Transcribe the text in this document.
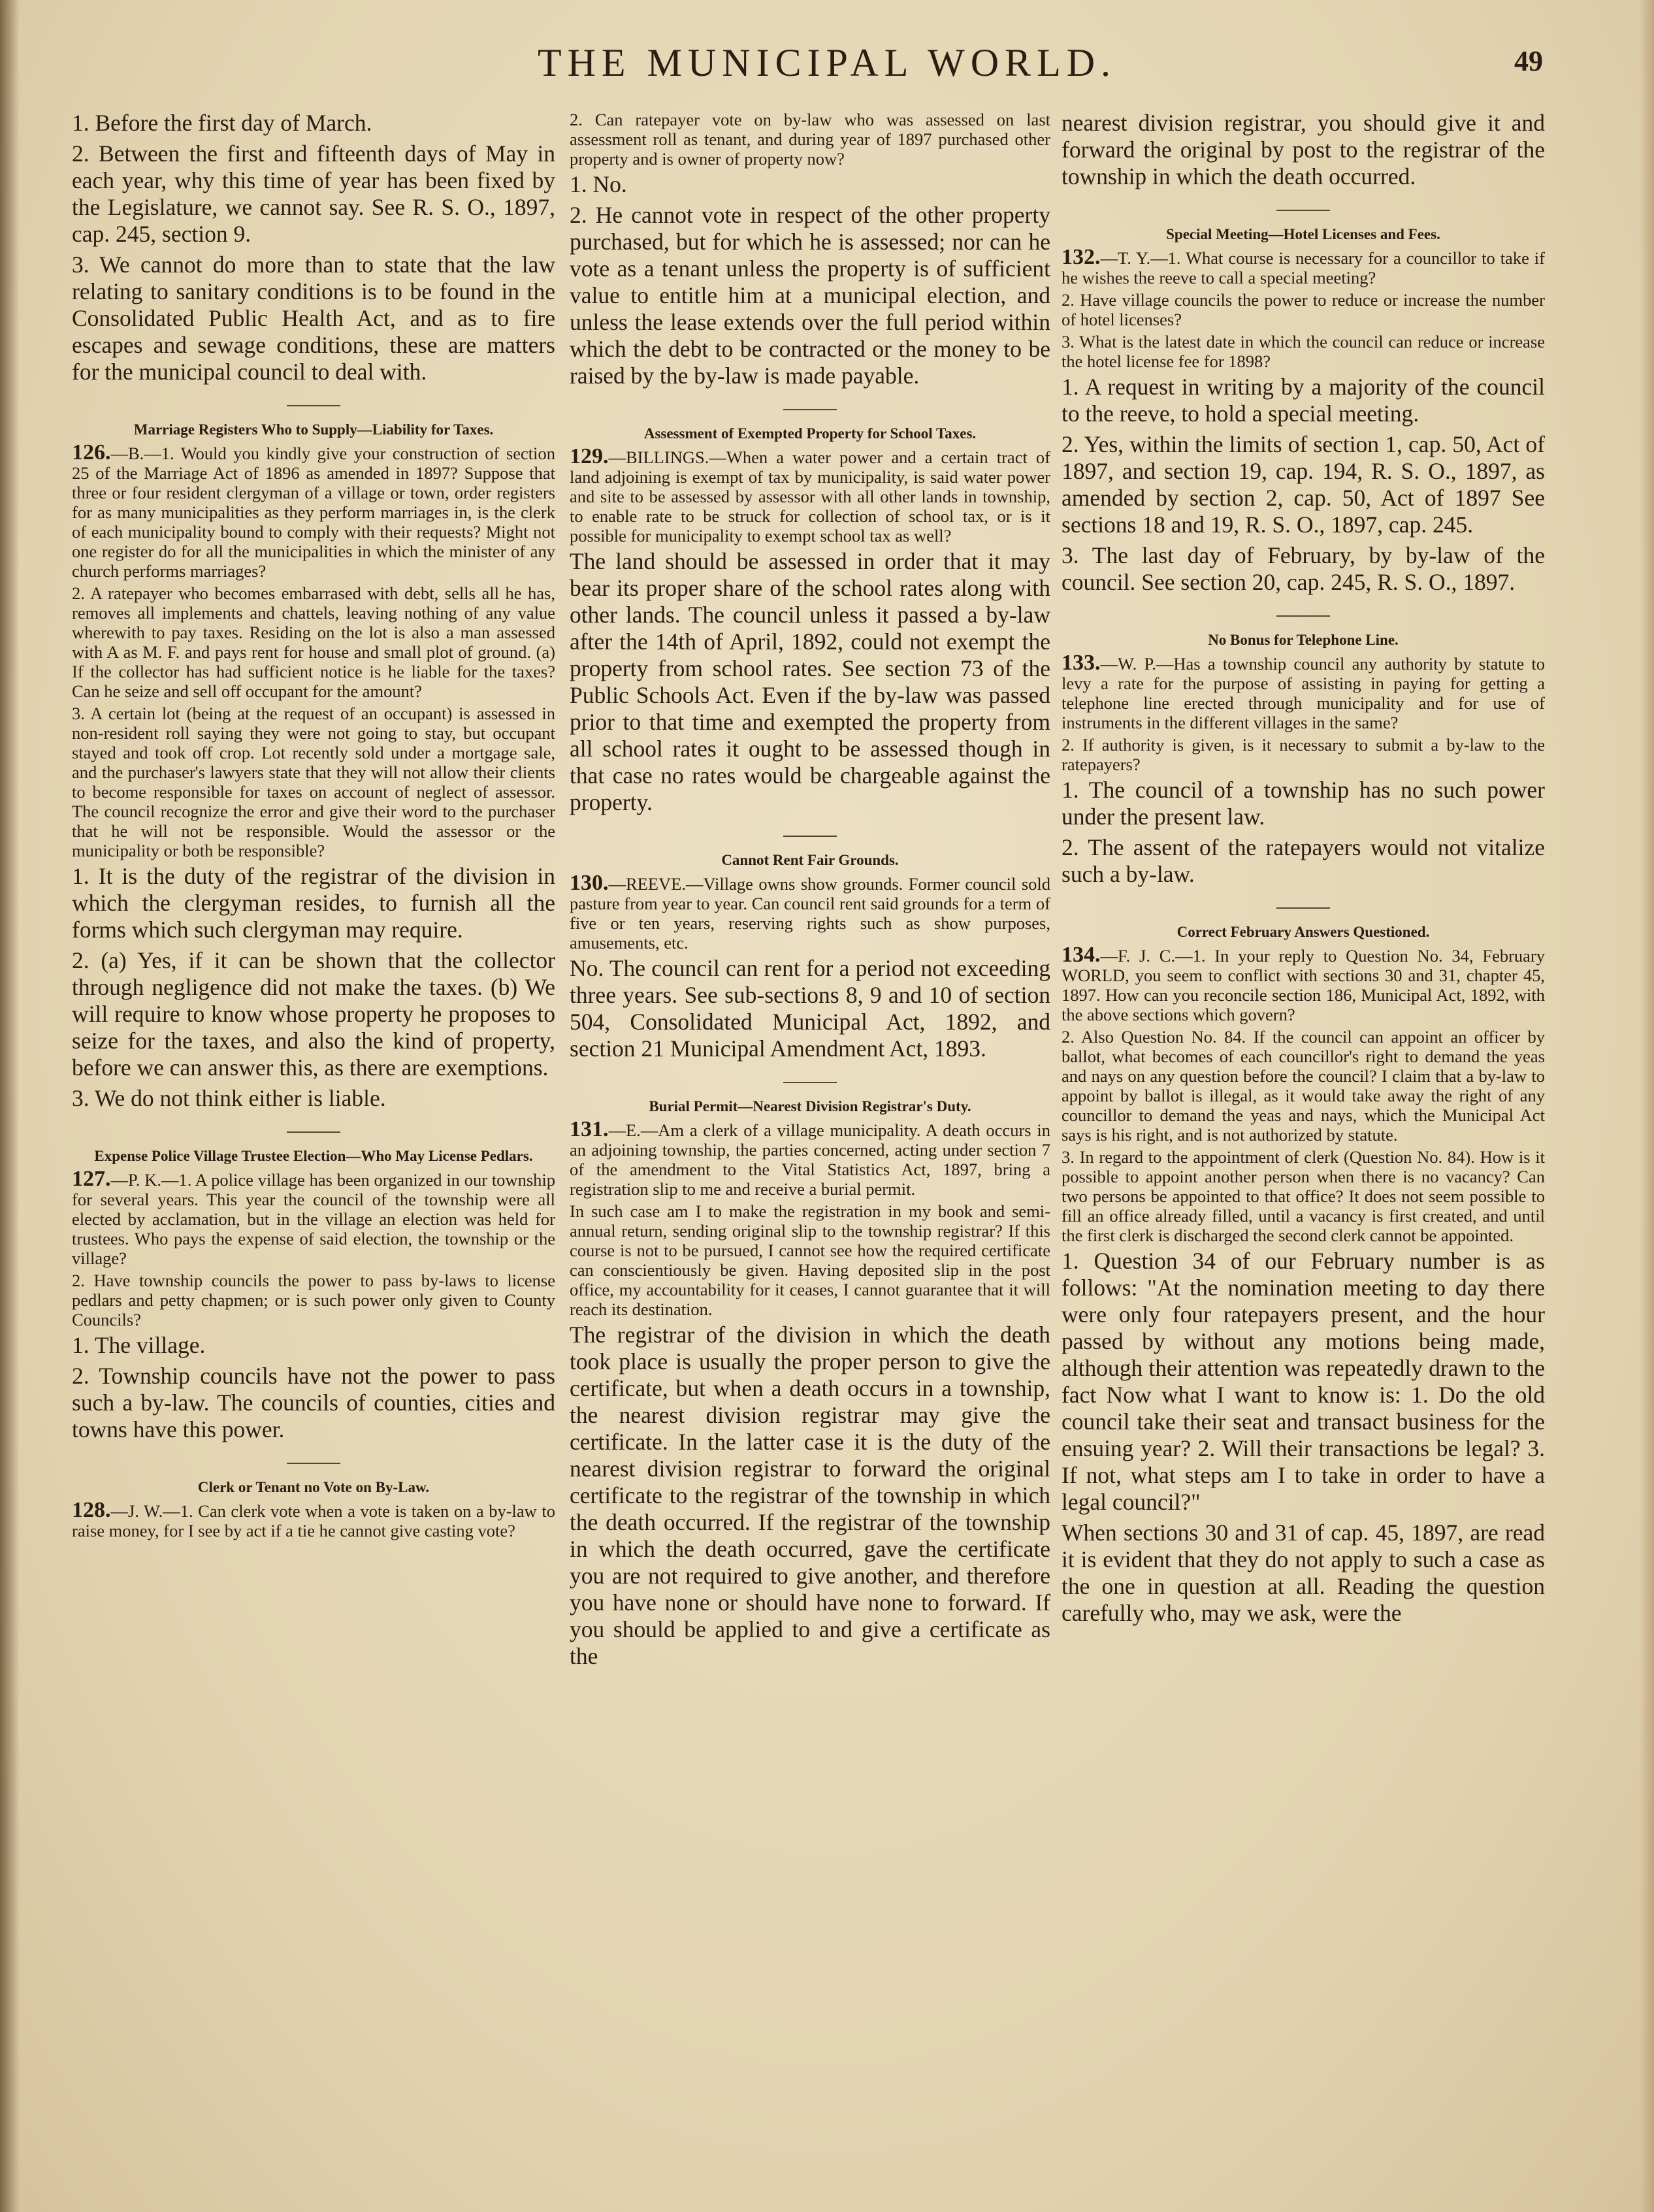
THE MUNICIPAL WORLD.	49

1. Before the first day of March.

2. Between the first and fifteenth days of May in each year, why this time of year has been fixed by the Legislature, we cannot say. See R. S. O., 1897, cap. 245, section 9.

3. We cannot do more than to state that the law relating to sanitary conditions is to be found in the Consolidated Public Health Act, and as to fire escapes and sewage conditions, these are matters for the municipal council to deal with.

Marriage Registers Who to Supply—Liability for Taxes.

126.—B.—1. Would you kindly give your construction of section 25 of the Marriage Act of 1896 as amended in 1897? Suppose that three or four resident clergyman of a village or town, order registers for as many municipalities as they perform marriages in, is the clerk of each municipality bound to comply with their requests? Might not one register do for all the municipalities in which the minister of any church performs marriages?

2. A ratepayer who becomes embarrased with debt, sells all he has, removes all implements and chattels, leaving nothing of any value wherewith to pay taxes. Residing on the lot is also a man assessed with A as M. F. and pays rent for house and small plot of ground. (a) If the collector has had sufficient notice is he liable for the taxes? Can he seize and sell off occupant for the amount?

3. A certain lot (being at the request of an occupant) is assessed in non-resident roll saying they were not going to stay, but occupant stayed and took off crop. Lot recently sold under a mortgage sale, and the purchaser's lawyers state that they will not allow their clients to become responsible for taxes on account of neglect of assessor. The council recognize the error and give their word to the purchaser that he will not be responsible. Would the assessor or the municipality or both be responsible?

1. It is the duty of the registrar of the division in which the clergyman resides, to furnish all the forms which such clergyman may require.

2. (a) Yes, if it can be shown that the collector through negligence did not make the taxes. (b) We will require to know whose property he proposes to seize for the taxes, and also the kind of property, before we can answer this, as there are exemptions.

3. We do not think either is liable.

Expense Police Village Trustee Election—Who May License Pedlars.

127.—P. K.—1. A police village has been organized in our township for several years. This year the council of the township were all elected by acclamation, but in the village an election was held for trustees. Who pays the expense of said election, the township or the village?

2. Have township councils the power to pass by-laws to license pedlars and petty chapmen; or is such power only given to County Councils?

1. The village.

2. Township councils have not the power to pass such a by-law. The councils of counties, cities and towns have this power.

Clerk or Tenant no Vote on By-Law.

128.—J. W.—1. Can clerk vote when a vote is taken on a by-law to raise money, for I see by act if a tie he cannot give casting vote?

2. Can ratepayer vote on by-law who was assessed on last assessment roll as tenant, and during year of 1897 purchased other property and is owner of property now?

1. No.

2. He cannot vote in respect of the other property purchased, but for which he is assessed; nor can he vote as a tenant unless the property is of sufficient value to entitle him at a municipal election, and unless the lease extends over the full period within which the debt to be contracted or the money to be raised by the by-law is made payable.

Assessment of Exempted Property for School Taxes.

129.—BILLINGS.—When a water power and a certain tract of land adjoining is exempt of tax by municipality, is said water power and site to be assessed by assessor with all other lands in township, to enable rate to be struck for collection of school tax, or is it possible for municipality to exempt school tax as well?

The land should be assessed in order that it may bear its proper share of the school rates along with other lands. The council unless it passed a by-law after the 14th of April, 1892, could not exempt the property from school rates. See section 73 of the Public Schools Act. Even if the by-law was passed prior to that time and exempted the property from all school rates it ought to be assessed though in that case no rates would be chargeable against the property.

Cannot Rent Fair Grounds.

130.—REEVE.—Village owns show grounds. Former council sold pasture from year to year. Can council rent said grounds for a term of five or ten years, reserving rights such as show purposes, amusements, etc.

No. The council can rent for a period not exceeding three years. See sub-sections 8, 9 and 10 of section 504, Consolidated Municipal Act, 1892, and section 21 Municipal Amendment Act, 1893.

Burial Permit—Nearest Division Registrar's Duty.

131.—E.—Am a clerk of a village municipality. A death occurs in an adjoining township, the parties concerned, acting under section 7 of the amendment to the Vital Statistics Act, 1897, bring a registration slip to me and receive a burial permit.

In such case am I to make the registration in my book and semi-annual return, sending original slip to the township registrar? If this course is not to be pursued, I cannot see how the required certificate can conscientiously be given. Having deposited slip in the post office, my accountability for it ceases, I cannot guarantee that it will reach its destination.

The registrar of the division in which the death took place is usually the proper person to give the certificate, but when a death occurs in a township, the nearest division registrar may give the certificate. In the latter case it is the duty of the nearest division registrar to forward the original certificate to the registrar of the township in which the death occurred. If the registrar of the township in which the death occurred, gave the certificate you are not required to give another, and therefore you have none or should have none to forward. If you should be applied to and give a certificate as the

nearest division registrar, you should give it and forward the original by post to the registrar of the township in which the death occurred.

Special Meeting—Hotel Licenses and Fees.

132.—T. Y.—1. What course is necessary for a councillor to take if he wishes the reeve to call a special meeting?

2. Have village councils the power to reduce or increase the number of hotel licenses?

3. What is the latest date in which the council can reduce or increase the hotel license fee for 1898?

1. A request in writing by a majority of the council to the reeve, to hold a special meeting.

2. Yes, within the limits of section 1, cap. 50, Act of 1897, and section 19, cap. 194, R. S. O., 1897, as amended by section 2, cap. 50, Act of 1897 See sections 18 and 19, R. S. O., 1897, cap. 245.

3. The last day of February, by by-law of the council. See section 20, cap. 245, R. S. O., 1897.

No Bonus for Telephone Line.

133.—W. P.—Has a township council any authority by statute to levy a rate for the purpose of assisting in paying for getting a telephone line erected through municipality and for use of instruments in the different villages in the same?

2. If authority is given, is it necessary to submit a by-law to the ratepayers?

1. The council of a township has no such power under the present law.

2. The assent of the ratepayers would not vitalize such a by-law.

Correct February Answers Questioned.

134.—F. J. C.—1. In your reply to Question No. 34, February WORLD, you seem to conflict with sections 30 and 31, chapter 45, 1897. How can you reconcile section 186, Municipal Act, 1892, with the above sections which govern?

2. Also Question No. 84. If the council can appoint an officer by ballot, what becomes of each councillor's right to demand the yeas and nays on any question before the council? I claim that a by-law to appoint by ballot is illegal, as it would take away the right of any councillor to demand the yeas and nays, which the Municipal Act says is his right, and is not authorized by statute.

3. In regard to the appointment of clerk (Question No. 84). How is it possible to appoint another person when there is no vacancy? Can two persons be appointed to that office? It does not seem possible to fill an office already filled, until a vacancy is first created, and until the first clerk is discharged the second clerk cannot be appointed.

1. Question 34 of our February number is as follows: "At the nomination meeting to day there were only four ratepayers present, and the hour passed by without any motions being made, although their attention was repeatedly drawn to the fact Now what I want to know is: 1. Do the old council take their seat and transact business for the ensuing year? 2. Will their transactions be legal? 3. If not, what steps am I to take in order to have a legal council?"

When sections 30 and 31 of cap. 45, 1897, are read it is evident that they do not apply to such a case as the one in question at all. Reading the question carefully who, may we ask, were the
